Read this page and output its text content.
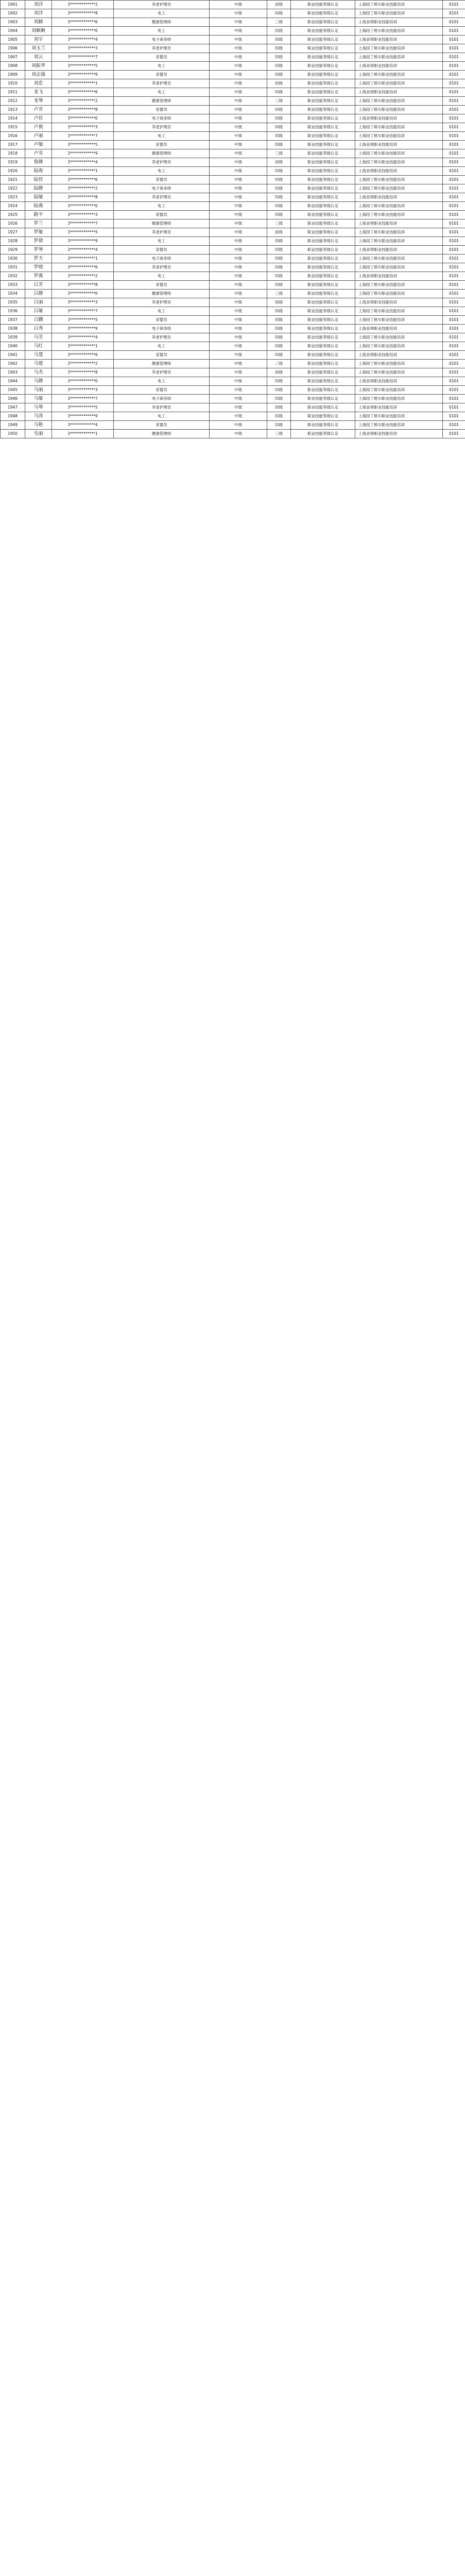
1901	刘洋	3*************2	养老护理员	中级	初级	职业技能等级认定	上海纽丁格尔职业技能培训	0101
1902	刘洋	3*************8	电工	中级	四级	职业技能等级认定	上海纽丁格尔职业技能培训	0101
1903	刘颖	3*************6	健康管理师	中级	三级	职业技能等级认定	上海金领职业技能培训	0101
1904	刘颖颖	3*************0	电工	中级	四级	职业技能等级认定	上海纽丁格尔职业技能培训	0101
1905	刘宇	3*************4	电子商务师	中级	四级	职业技能等级认定	上海金领职业技能培训	0101
1906	刘玉兰	3*************3	养老护理员	中级	四级	职业技能等级认定	上海纽丁格尔职业技能培训	0101
1907	刘云	3*************7	育婴员	中级	四级	职业技能等级认定	上海纽丁格尔职业技能培训	0101
1908	刘振华	3*************5	电工	中级	四级	职业技能等级认定	上海金领职业技能培训	0101
1909	刘志强	3*************9	育婴员	中级	四级	职业技能等级认定	上海纽丁格尔职业技能培训	0101
1910	刘忠	3*************1	养老护理员	中级	初级	职业技能等级认定	上海纽丁格尔职业技能培训	0101
1911	龙飞	3*************6	电工	中级	四级	职业技能等级认定	上海金领职业技能培训	0101
1912	龙琴	3*************2	健康管理师	中级	三级	职业技能等级认定	上海纽丁格尔职业技能培训	0101
1913	卢芳	3*************8	育婴员	中级	四级	职业技能等级认定	上海纽丁格尔职业技能培训	0101
1914	卢佳	3*************0	电子商务师	中级	四级	职业技能等级认定	上海金领职业技能培训	0101
1915	卢俊	3*************3	养老护理员	中级	四级	职业技能等级认定	上海纽丁格尔职业技能培训	0101
1916	卢丽	3*************7	电工	中级	四级	职业技能等级认定	上海纽丁格尔职业技能培训	0101
1917	卢敏	3*************5	育婴员	中级	四级	职业技能等级认定	上海金领职业技能培训	0101
1918	卢雪	3*************9	健康管理师	中级	三级	职业技能等级认定	上海纽丁格尔职业技能培训	0101
1919	鲁静	3*************4	养老护理员	中级	初级	职业技能等级认定	上海纽丁格尔职业技能培训	0101
1920	陆海	3*************1	电工	中级	四级	职业技能等级认定	上海金领职业技能培训	0101
1921	陆佳	3*************6	育婴员	中级	四级	职业技能等级认定	上海纽丁格尔职业技能培训	0101
1922	陆静	3*************2	电子商务师	中级	四级	职业技能等级认定	上海纽丁格尔职业技能培训	0101
1923	陆敏	3*************8	养老护理员	中级	四级	职业技能等级认定	上海金领职业技能培训	0101
1924	陆燕	3*************0	电工	中级	四级	职业技能等级认定	上海纽丁格尔职业技能培训	0101
1925	路平	3*************3	育婴员	中级	四级	职业技能等级认定	上海纽丁格尔职业技能培训	0101
1926	罗兰	3*************7	健康管理师	中级	三级	职业技能等级认定	上海金领职业技能培训	0101
1927	罗敏	3*************5	养老护理员	中级	初级	职业技能等级认定	上海纽丁格尔职业技能培训	0101
1928	罗倩	3*************9	电工	中级	四级	职业技能等级认定	上海纽丁格尔职业技能培训	0101
1929	罗琴	3*************4	育婴员	中级	四级	职业技能等级认定	上海金领职业技能培训	0101
1930	罗天	3*************1	电子商务师	中级	四级	职业技能等级认定	上海纽丁格尔职业技能培训	0101
1931	罗晓	3*************6	养老护理员	中级	四级	职业技能等级认定	上海纽丁格尔职业技能培训	0101
1932	罗燕	3*************2	电工	中级	四级	职业技能等级认定	上海金领职业技能培训	0101
1933	吕芳	3*************8	育婴员	中级	四级	职业技能等级认定	上海纽丁格尔职业技能培训	0101
1934	吕静	3*************0	健康管理师	中级	三级	职业技能等级认定	上海纽丁格尔职业技能培训	0101
1935	吕丽	3*************3	养老护理员	中级	初级	职业技能等级认定	上海金领职业技能培训	0101
1936	吕敏	3*************7	电工	中级	四级	职业技能等级认定	上海纽丁格尔职业技能培训	0101
1937	吕鹏	3*************5	育婴员	中级	四级	职业技能等级认定	上海纽丁格尔职业技能培训	0101
1938	吕秀	3*************9	电子商务师	中级	四级	职业技能等级认定	上海金领职业技能培训	0101
1939	马芳	3*************4	养老护理员	中级	四级	职业技能等级认定	上海纽丁格尔职业技能培训	0101
1940	马红	3*************1	电工	中级	四级	职业技能等级认定	上海纽丁格尔职业技能培训	0101
1941	马慧	3*************6	育婴员	中级	四级	职业技能等级认定	上海金领职业技能培训	0101
1942	马建	3*************2	健康管理师	中级	三级	职业技能等级认定	上海纽丁格尔职业技能培训	0101
1943	马杰	3*************8	养老护理员	中级	初级	职业技能等级认定	上海纽丁格尔职业技能培训	0101
1944	马静	3*************0	电工	中级	四级	职业技能等级认定	上海金领职业技能培训	0101
1945	马丽	3*************3	育婴员	中级	四级	职业技能等级认定	上海纽丁格尔职业技能培训	0101
1946	马敏	3*************7	电子商务师	中级	四级	职业技能等级认定	上海纽丁格尔职业技能培训	0101
1947	马琴	3*************5	养老护理员	中级	四级	职业技能等级认定	上海金领职业技能培训	0101
1948	马涛	3*************9	电工	中级	四级	职业技能等级认定	上海纽丁格尔职业技能培训	0101
1949	马艳	3*************4	育婴员	中级	四级	职业技能等级认定	上海纽丁格尔职业技能培训	0101
1950	毛丽	3*************1	健康管理师	中级	三级	职业技能等级认定	上海金领职业技能培训	0101
